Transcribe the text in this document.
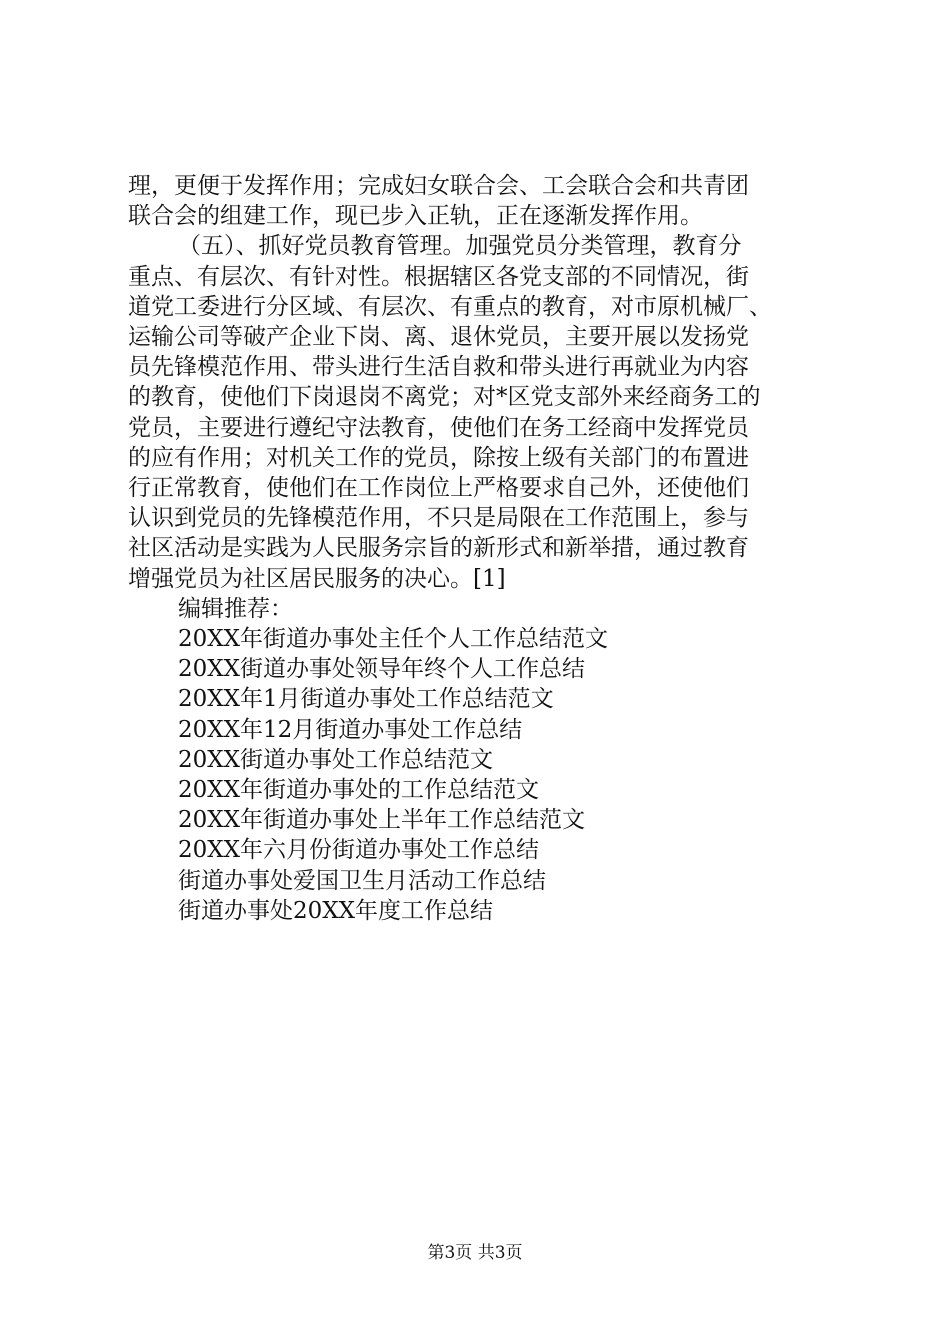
理，更便于发挥作用；完成妇女联合会、工会联合会和共青团
联合会的组建工作，现已步入正轨，正在逐渐发挥作用。
（五）、抓好党员教育管理。加强党员分类管理，教育分
重点、有层次、有针对性。根据辖区各党支部的不同情况，街
道党工委进行分区域、有层次、有重点的教育，对市原机械厂、
运输公司等破产企业下岗、离、退休党员，主要开展以发扬党
员先锋模范作用、带头进行生活自救和带头进行再就业为内容
的教育，使他们下岗退岗不离党；对*区党支部外来经商务工的
党员，主要进行遵纪守法教育，使他们在务工经商中发挥党员
的应有作用；对机关工作的党员，除按上级有关部门的布置进
行正常教育，使他们在工作岗位上严格要求自己外，还使他们
认识到党员的先锋模范作用，不只是局限在工作范围上，参与
社区活动是实践为人民服务宗旨的新形式和新举措，通过教育
增强党员为社区居民服务的决心。[1]
编辑推荐：
20XX年街道办事处主任个人工作总结范文
20XX街道办事处领导年终个人工作总结
20XX年1月街道办事处工作总结范文
20XX年12月街道办事处工作总结
20XX街道办事处工作总结范文
20XX年街道办事处的工作总结范文
20XX年街道办事处上半年工作总结范文
20XX年六月份街道办事处工作总结
街道办事处爱国卫生月活动工作总结
街道办事处20XX年度工作总结
第3页 共3页
